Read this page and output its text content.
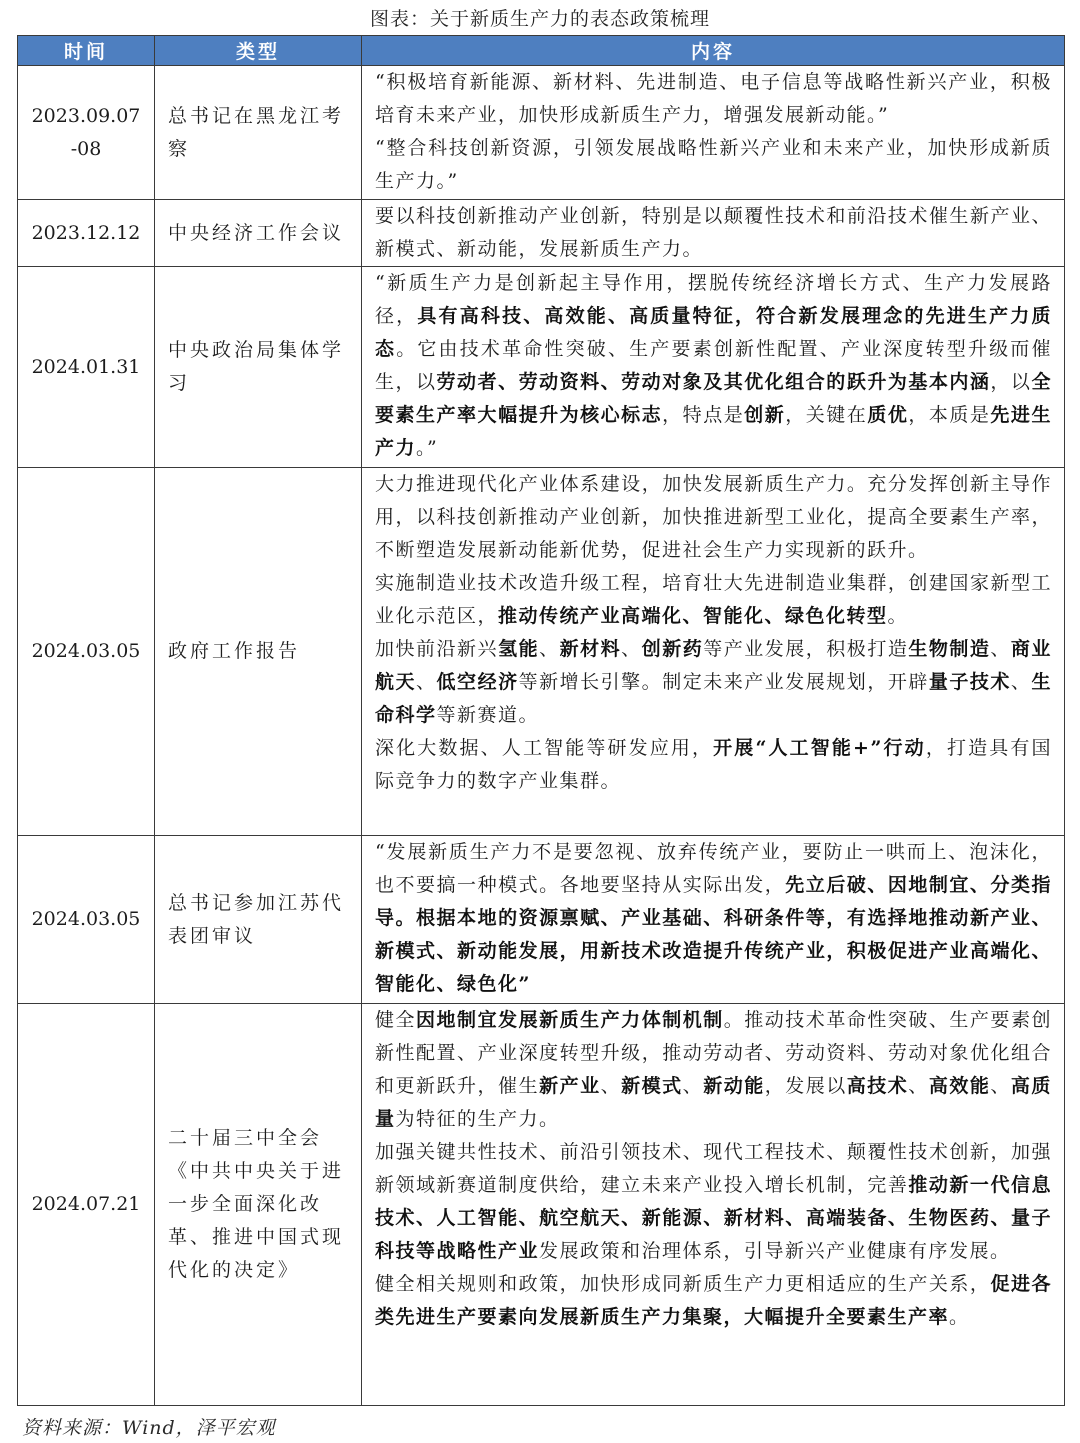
图表：关于新质生产力的表态政策梳理
时间	类型	内容
2023.09.07 -08	总书记在黑龙江考察	“积极培育新能源、新材料、先进制造、电子信息等战略性新兴产业，积极培育未来产业，加快形成新质生产力，增强发展新动能。”

“整合科技创新资源，引领发展战略性新兴产业和未来产业，加快形成新质生产力。”

2023.12.12	中央经济工作会议	要以科技创新推动产业创新，特别是以颠覆性技术和前沿技术催生新产业、新模式、新动能，发展新质生产力。

2024.01.31	中央政治局集体学习	“新质生产力是创新起主导作用，摆脱传统经济增长方式、生产力发展路径，具有高科技、高效能、高质量特征，符合新发展理念的先进生产力质态。它由技术革命性突破、生产要素创新性配置、产业深度转型升级而催生，以劳动者、劳动资料、劳动对象及其优化组合的跃升为基本内涵，以全要素生产率大幅提升为核心标志，特点是创新，关键在质优，本质是先进生产力。”

2024.03.05	政府工作报告	大力推进现代化产业体系建设，加快发展新质生产力。充分发挥创新主导作用，以科技创新推动产业创新，加快推进新型工业化，提高全要素生产率，不断塑造发展新动能新优势，促进社会生产力实现新的跃升。

实施制造业技术改造升级工程，培育壮大先进制造业集群，创建国家新型工业化示范区，推动传统产业高端化、智能化、绿色化转型。

加快前沿新兴氢能、新材料、创新药等产业发展，积极打造生物制造、商业航天、低空经济等新增长引擎。制定未来产业发展规划，开辟量子技术、生命科学等新赛道。

深化大数据、人工智能等研发应用，开展“人工智能+”行动，打造具有国际竞争力的数字产业集群。

2024.03.05	总书记参加江苏代表团审议	“发展新质生产力不是要忽视、放弃传统产业，要防止一哄而上、泡沫化，也不要搞一种模式。各地要坚持从实际出发，先立后破、因地制宜、分类指导。根据本地的资源禀赋、产业基础、科研条件等，有选择地推动新产业、新模式、新动能发展，用新技术改造提升传统产业，积极促进产业高端化、智能化、绿色化”

2024.07.21	二十届三中全会《中共中央关于进一步全面深化改革、推进中国式现代化的决定》	健全因地制宜发展新质生产力体制机制。推动技术革命性突破、生产要素创新性配置、产业深度转型升级，推动劳动者、劳动资料、劳动对象优化组合和更新跃升，催生新产业、新模式、新动能，发展以高技术、高效能、高质量为特征的生产力。

加强关键共性技术、前沿引领技术、现代工程技术、颠覆性技术创新，加强新领域新赛道制度供给，建立未来产业投入增长机制，完善推动新一代信息技术、人工智能、航空航天、新能源、新材料、高端装备、生物医药、量子科技等战略性产业发展政策和治理体系，引导新兴产业健康有序发展。

健全相关规则和政策，加快形成同新质生产力更相适应的生产关系，促进各类先进生产要素向发展新质生产力集聚，大幅提升全要素生产率。

资料来源：Wind，泽平宏观
